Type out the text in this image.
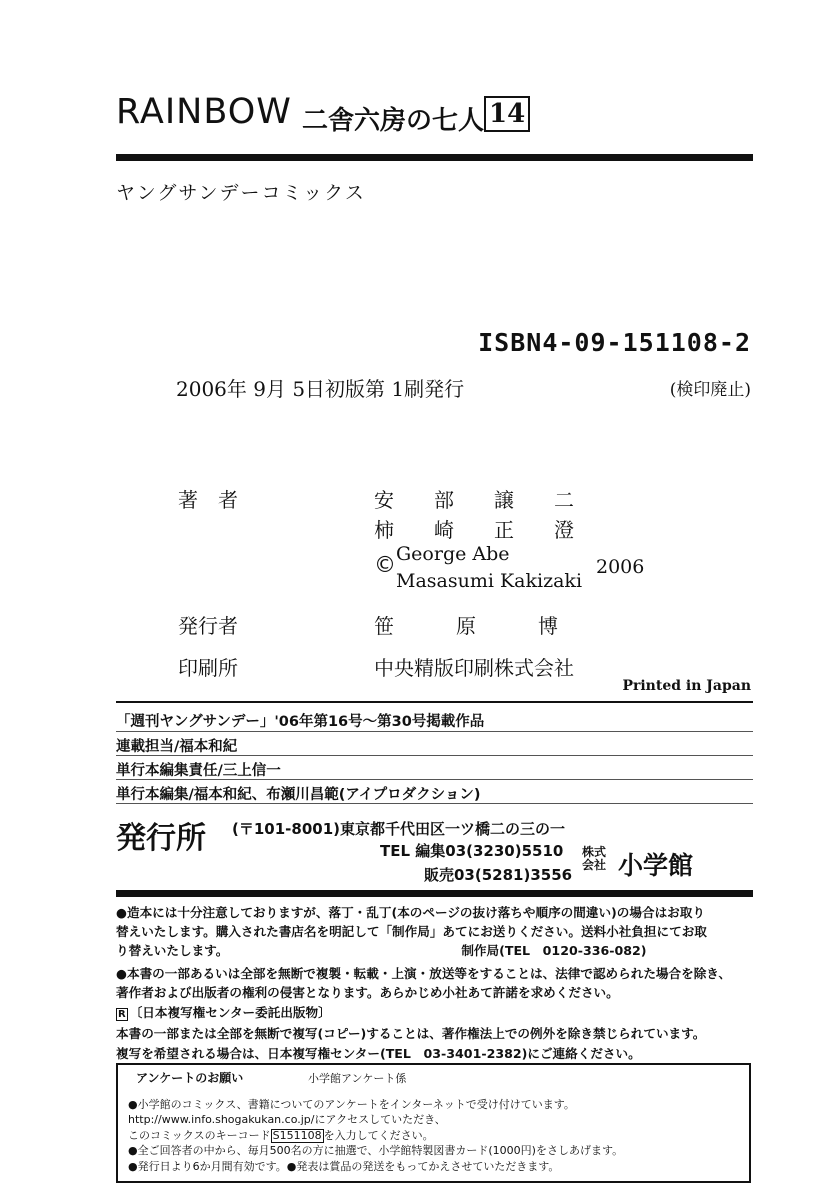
RAINBOW 二舎六房の七人 14
ヤングサンデーコミックス
ISBN4-09-151108-2
2006年 9月 5日初版第 1刷発行	(検印廃止)
著者	安部譲二
柿崎正澄
© George Abe
Masasumi Kakizaki
2006
発行者	笹原博
印刷所	中央精版印刷株式会社
Printed in Japan
「週刊ヤングサンデー」'06年第16号〜第30号掲載作品
連載担当/福本和紀
単行本編集責任/三上信一
単行本編集/福本和紀、布瀬川昌範(アイプロダクション)
発行所 (〒101-8001)東京都千代田区一ツ橋二の三の一
TEL 編集03(3230)5510
販売03(5281)3556
株式 会社 小学館
●造本には十分注意しておりますが、落丁・乱丁(本のページの抜け落ちや順序の間違い)の場合はお取り
替えいたします。購入された書店名を明記して「制作局」あてにお送りください。送料小社負担にてお取
り替えいたします。　　　　　　　　　　　　　　　　　　　制作局(TEL　0120-336-082)
●本書の一部あるいは全部を無断で複製・転載・上演・放送等をすることは、法律で認められた場合を除き、
著作者および出版者の権利の侵害となります。あらかじめ小社あて許諾を求めください。
R 〔日本複写権センター委託出版物〕
本書の一部または全部を無断で複写(コピー)することは、著作権法上での例外を除き禁じられています。
複写を希望される場合は、日本複写権センター(TEL　03-3401-2382)にご連絡ください。
アンケートのお願い	小学館アンケート係
●小学館のコミックス、書籍についてのアンケートをインターネットで受け付けています。
http://www.info.shogakukan.co.jp/にアクセスしていただき、
このコミックスのキーコード S151108 を入力してください。
●全ご回答者の中から、毎月500名の方に抽選で、小学館特製図書カード(1000円)をさしあげます。
●発行日より6か月間有効です。●発表は賞品の発送をもってかえさせていただきます。
